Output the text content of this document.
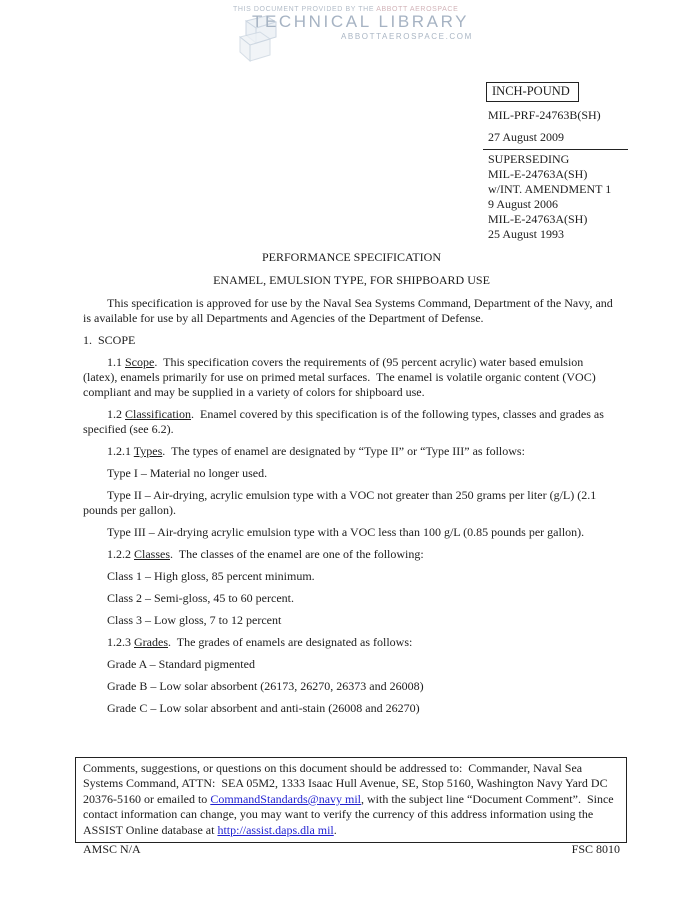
THIS DOCUMENT PROVIDED BY THE ABBOTT AEROSPACE
TECHNICAL LIBRARY
ABBOTTAEROSPACE.COM
INCH-POUND
MIL-PRF-24763B(SH)
27 August 2009
SUPERSEDING
MIL-E-24763A(SH)
w/INT. AMENDMENT 1
9 August 2006
MIL-E-24763A(SH)
25 August 1993

PERFORMANCE SPECIFICATION

ENAMEL, EMULSION TYPE, FOR SHIPBOARD USE

This specification is approved for use by the Naval Sea Systems Command, Department of the Navy, and is available for use by all Departments and Agencies of the Department of Defense.

1.  SCOPE

1.1 Scope.  This specification covers the requirements of (95 percent acrylic) water based emulsion (latex), enamels primarily for use on primed metal surfaces.  The enamel is volatile organic content (VOC) compliant and may be supplied in a variety of colors for shipboard use.

1.2 Classification.  Enamel covered by this specification is of the following types, classes and grades as specified (see 6.2).

1.2.1 Types.  The types of enamel are designated by “Type II” or “Type III” as follows:

Type I – Material no longer used.

Type II – Air-drying, acrylic emulsion type with a VOC not greater than 250 grams per liter (g/L) (2.1 pounds per gallon).

Type III – Air-drying acrylic emulsion type with a VOC less than 100 g/L (0.85 pounds per gallon).

1.2.2 Classes.  The classes of the enamel are one of the following:

Class 1 – High gloss, 85 percent minimum.

Class 2 – Semi-gloss, 45 to 60 percent.

Class 3 – Low gloss, 7 to 12 percent

1.2.3 Grades.  The grades of enamels are designated as follows:

Grade A – Standard pigmented

Grade B – Low solar absorbent (26173, 26270, 26373 and 26008)

Grade C – Low solar absorbent and anti-stain (26008 and 26270)

Comments, suggestions, or questions on this document should be addressed to:  Commander, Naval Sea Systems Command, ATTN:  SEA 05M2, 1333 Isaac Hull Avenue, SE, Stop 5160, Washington Navy Yard DC  20376-5160 or emailed to CommandStandards@navy mil, with the subject line “Document Comment”.  Since contact information can change, you may want to verify the currency of this address information using the ASSIST Online database at http://assist.daps.dla mil.
AMSC N/A	FSC 8010
